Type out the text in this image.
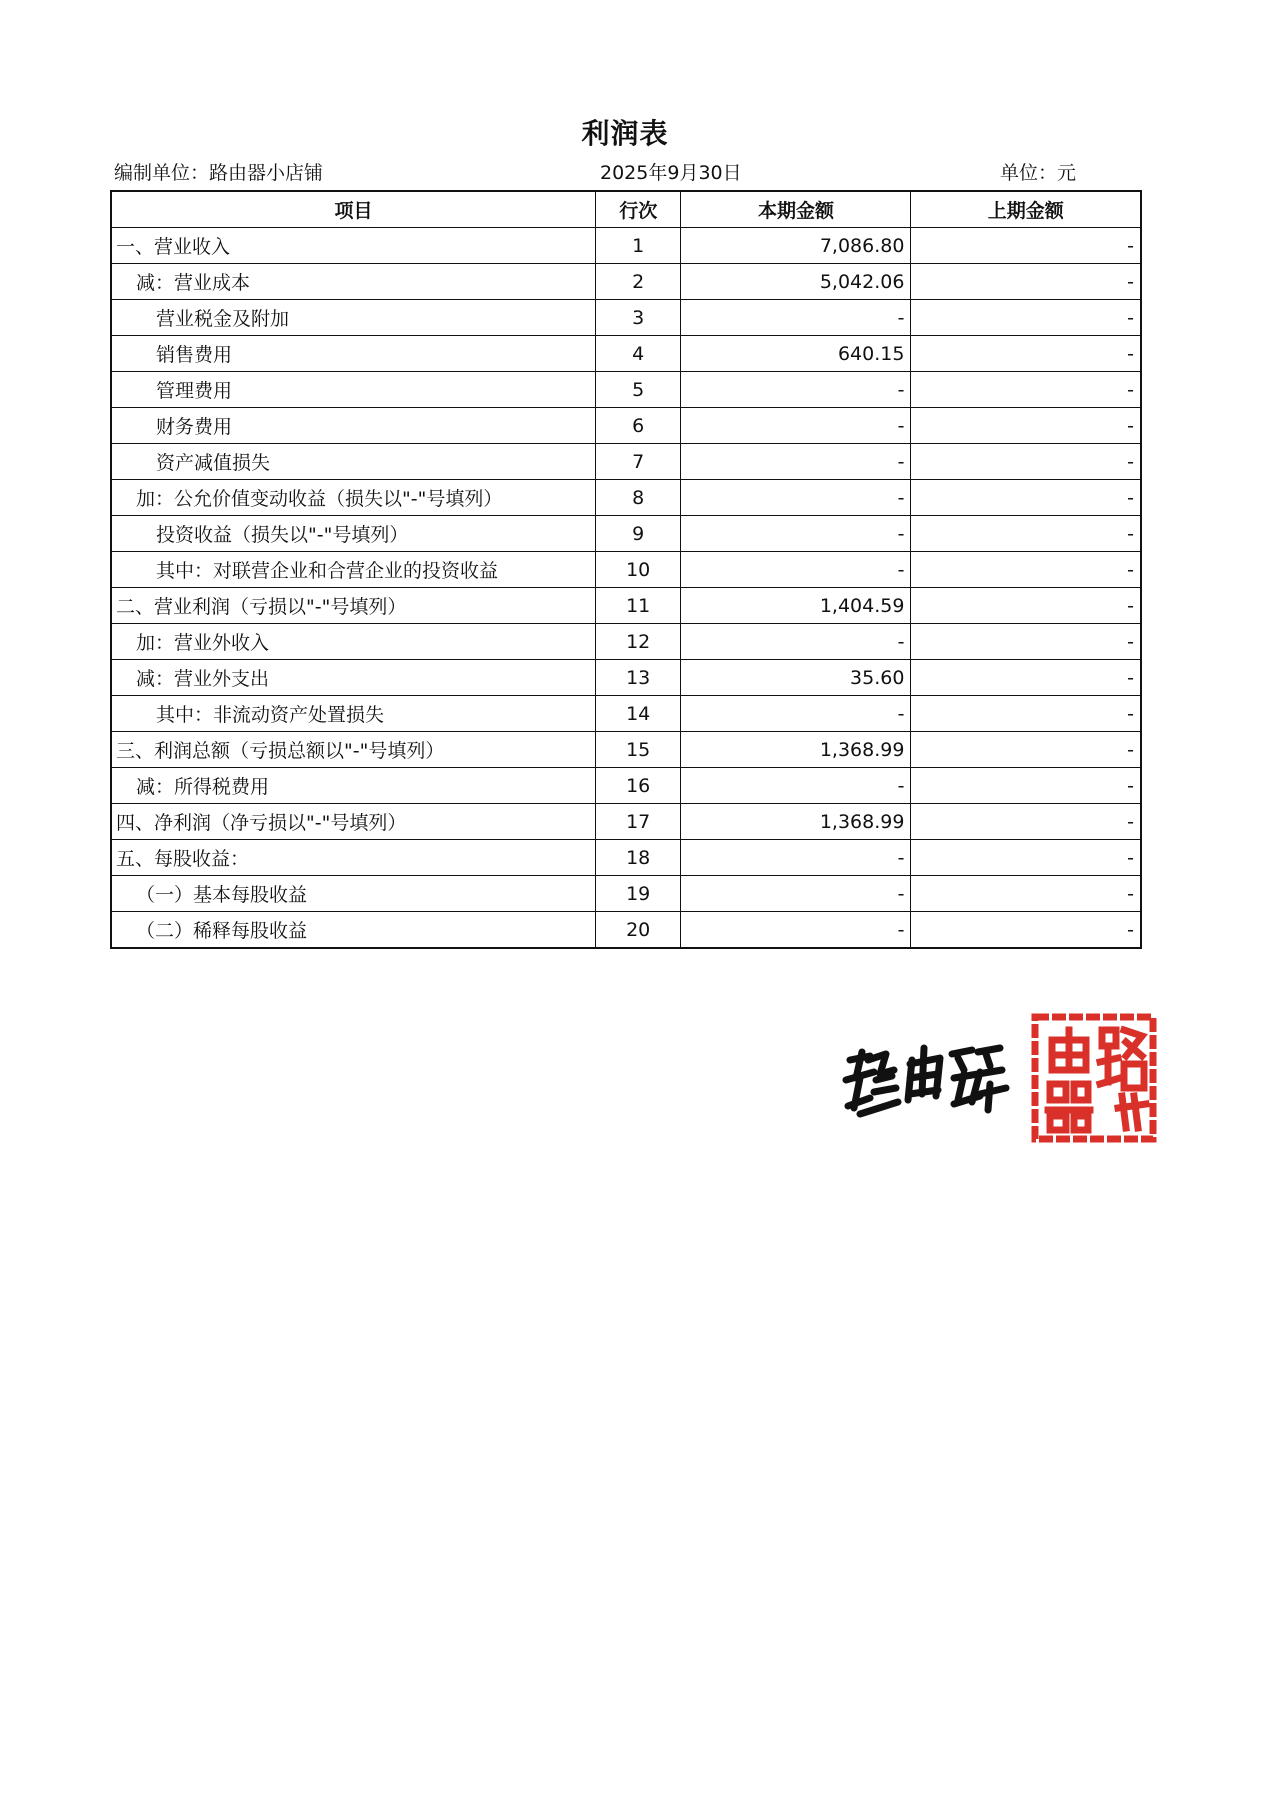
利润表
编制单位：路由器小店铺	2025年9月30日	单位：元
项目	行次	本期金额	上期金额
一、营业收入	1	7,086.80	-
减：营业成本	2	5,042.06	-
营业税金及附加	3	-	-
销售费用	4	640.15	-
管理费用	5	-	-
财务费用	6	-	-
资产减值损失	7	-	-
加：公允价值变动收益（损失以"-"号填列）	8	-	-
投资收益（损失以"-"号填列）	9	-	-
其中：对联营企业和合营企业的投资收益	10	-	-
二、营业利润（亏损以"-"号填列）	11	1,404.59	-
加：营业外收入	12	-	-
减：营业外支出	13	35.60	-
其中：非流动资产处置损失	14	-	-
三、利润总额（亏损总额以"-"号填列）	15	1,368.99	-
减：所得税费用	16	-	-
四、净利润（净亏损以"-"号填列）	17	1,368.99	-
五、每股收益：	18	-	-
（一）基本每股收益	19	-	-
（二）稀释每股收益	20	-	-
